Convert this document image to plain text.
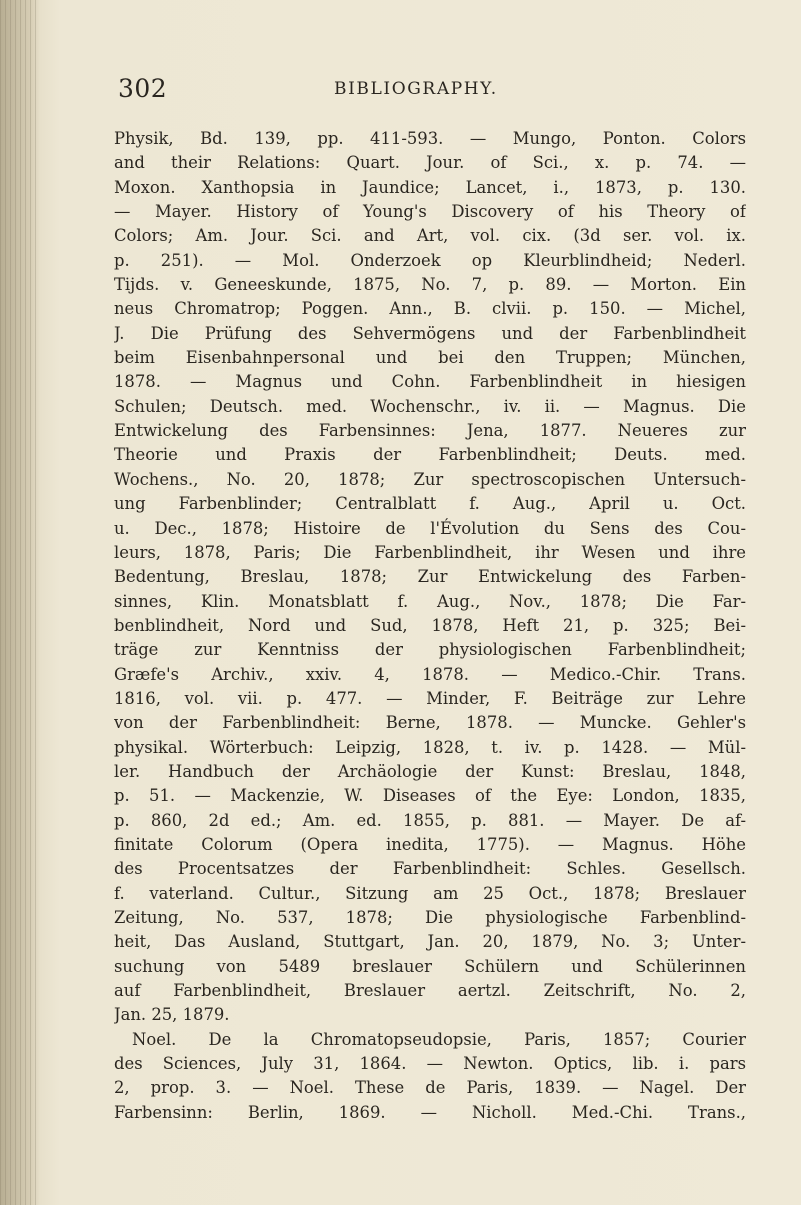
302	BIBLIOGRAPHY.
Physik, Bd. 139, pp. 411-593. — Mungo, Ponton. Colors
and their Relations: Quart. Jour. of Sci., x. p. 74. —
Moxon. Xanthopsia in Jaundice; Lancet, i., 1873, p. 130.
— Mayer. History of Young's Discovery of his Theory of
Colors; Am. Jour. Sci. and Art, vol. cix. (3d ser. vol. ix.
p. 251). — Mol. Onderzoek op Kleurblindheid; Nederl.
Tijds. v. Geneeskunde, 1875, No. 7, p. 89. — Morton. Ein
neus Chromatrop; Poggen. Ann., B. clvii. p. 150. — Michel,
J. Die Prüfung des Sehvermögens und der Farbenblindheit
beim Eisenbahnpersonal und bei den Truppen; München,
1878. — Magnus und Cohn. Farbenblindheit in hiesigen
Schulen; Deutsch. med. Wochenschr., iv. ii. — Magnus. Die
Entwickelung des Farbensinnes: Jena, 1877. Neueres zur
Theorie und Praxis der Farbenblindheit; Deuts. med.
Wochens., No. 20, 1878; Zur spectroscopischen Untersuch-
ung Farbenblinder; Centralblatt f. Aug., April u. Oct.
u. Dec., 1878; Histoire de l'Évolution du Sens des Cou-
leurs, 1878, Paris; Die Farbenblindheit, ihr Wesen und ihre
Bedentung, Breslau, 1878; Zur Entwickelung des Farben-
sinnes, Klin. Monatsblatt f. Aug., Nov., 1878; Die Far-
benblindheit, Nord und Sud, 1878, Heft 21, p. 325; Bei-
träge zur Kenntniss der physiologischen Farbenblindheit;
Græfe's Archiv., xxiv. 4, 1878. — Medico.-Chir. Trans.
1816, vol. vii. p. 477. — Minder, F. Beiträge zur Lehre
von der Farbenblindheit: Berne, 1878. — Muncke. Gehler's
physikal. Wörterbuch: Leipzig, 1828, t. iv. p. 1428. — Mül-
ler. Handbuch der Archäologie der Kunst: Breslau, 1848,
p. 51. — Mackenzie, W. Diseases of the Eye: London, 1835,
p. 860, 2d ed.; Am. ed. 1855, p. 881. — Mayer. De af-
finitate Colorum (Opera inedita, 1775). — Magnus. Höhe
des Procentsatzes der Farbenblindheit: Schles. Gesellsch.
f. vaterland. Cultur., Sitzung am 25 Oct., 1878; Breslauer
Zeitung, No. 537, 1878; Die physiologische Farbenblind-
heit, Das Ausland, Stuttgart, Jan. 20, 1879, No. 3; Unter-
suchung von 5489 breslauer Schülern und Schülerinnen
auf Farbenblindheit, Breslauer aertzl. Zeitschrift, No. 2,
Jan. 25, 1879.
Noel. De la Chromatopseudopsie, Paris, 1857; Courier
des Sciences, July 31, 1864. — Newton. Optics, lib. i. pars
2, prop. 3. — Noel. These de Paris, 1839. — Nagel. Der
Farbensinn: Berlin, 1869. — Nicholl. Med.-Chi. Trans.,
